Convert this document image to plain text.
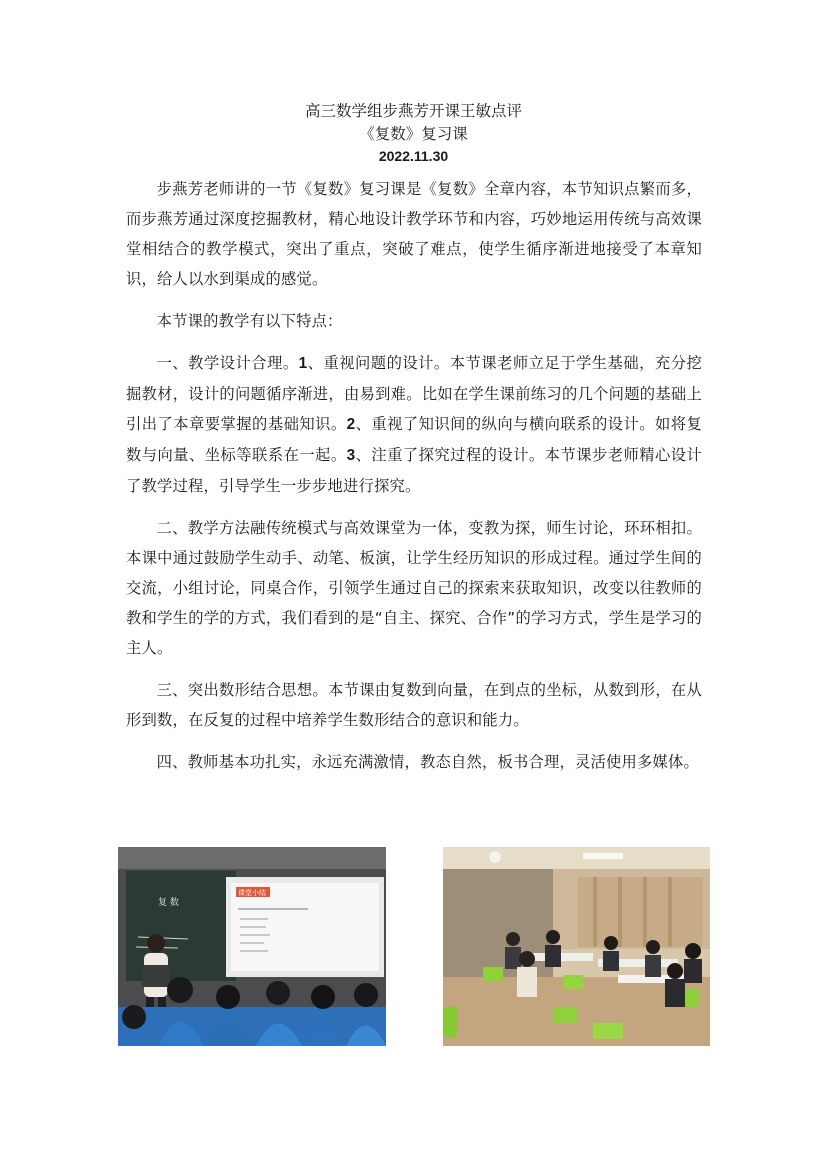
高三数学组步燕芳开课王敏点评
《复数》复习课
2022.11.30

步燕芳老师讲的一节《复数》复习课是《复数》全章内容，本节知识点繁而多，而步燕芳通过深度挖掘教材，精心地设计教学环节和内容，巧妙地运用传统与高效课堂相结合的教学模式，突出了重点，突破了难点，使学生循序渐进地接受了本章知识，给人以水到渠成的感觉。

本节课的教学有以下特点：

一、教学设计合理。1、重视问题的设计。本节课老师立足于学生基础，充分挖掘教材，设计的问题循序渐进，由易到难。比如在学生课前练习的几个问题的基础上引出了本章要掌握的基础知识。2、重视了知识间的纵向与横向联系的设计。如将复数与向量、坐标等联系在一起。3、注重了探究过程的设计。本节课步老师精心设计了教学过程，引导学生一步步地进行探究。

二、教学方法融传统模式与高效课堂为一体，变教为探，师生讨论，环环相扣。本课中通过鼓励学生动手、动笔、板演，让学生经历知识的形成过程。通过学生间的交流，小组讨论，同桌合作，引领学生通过自己的探索来获取知识，改变以往教师的教和学生的学的方式，我们看到的是“自主、探究、合作”的学习方式，学生是学习的主人。

三、突出数形结合思想。本节课由复数到向量，在到点的坐标，从数到形，在从形到数，在反复的过程中培养学生数形结合的意识和能力。

四、教师基本功扎实，永远充满激情，教态自然，板书合理，灵活使用多媒体。

复 数
课堂小结
